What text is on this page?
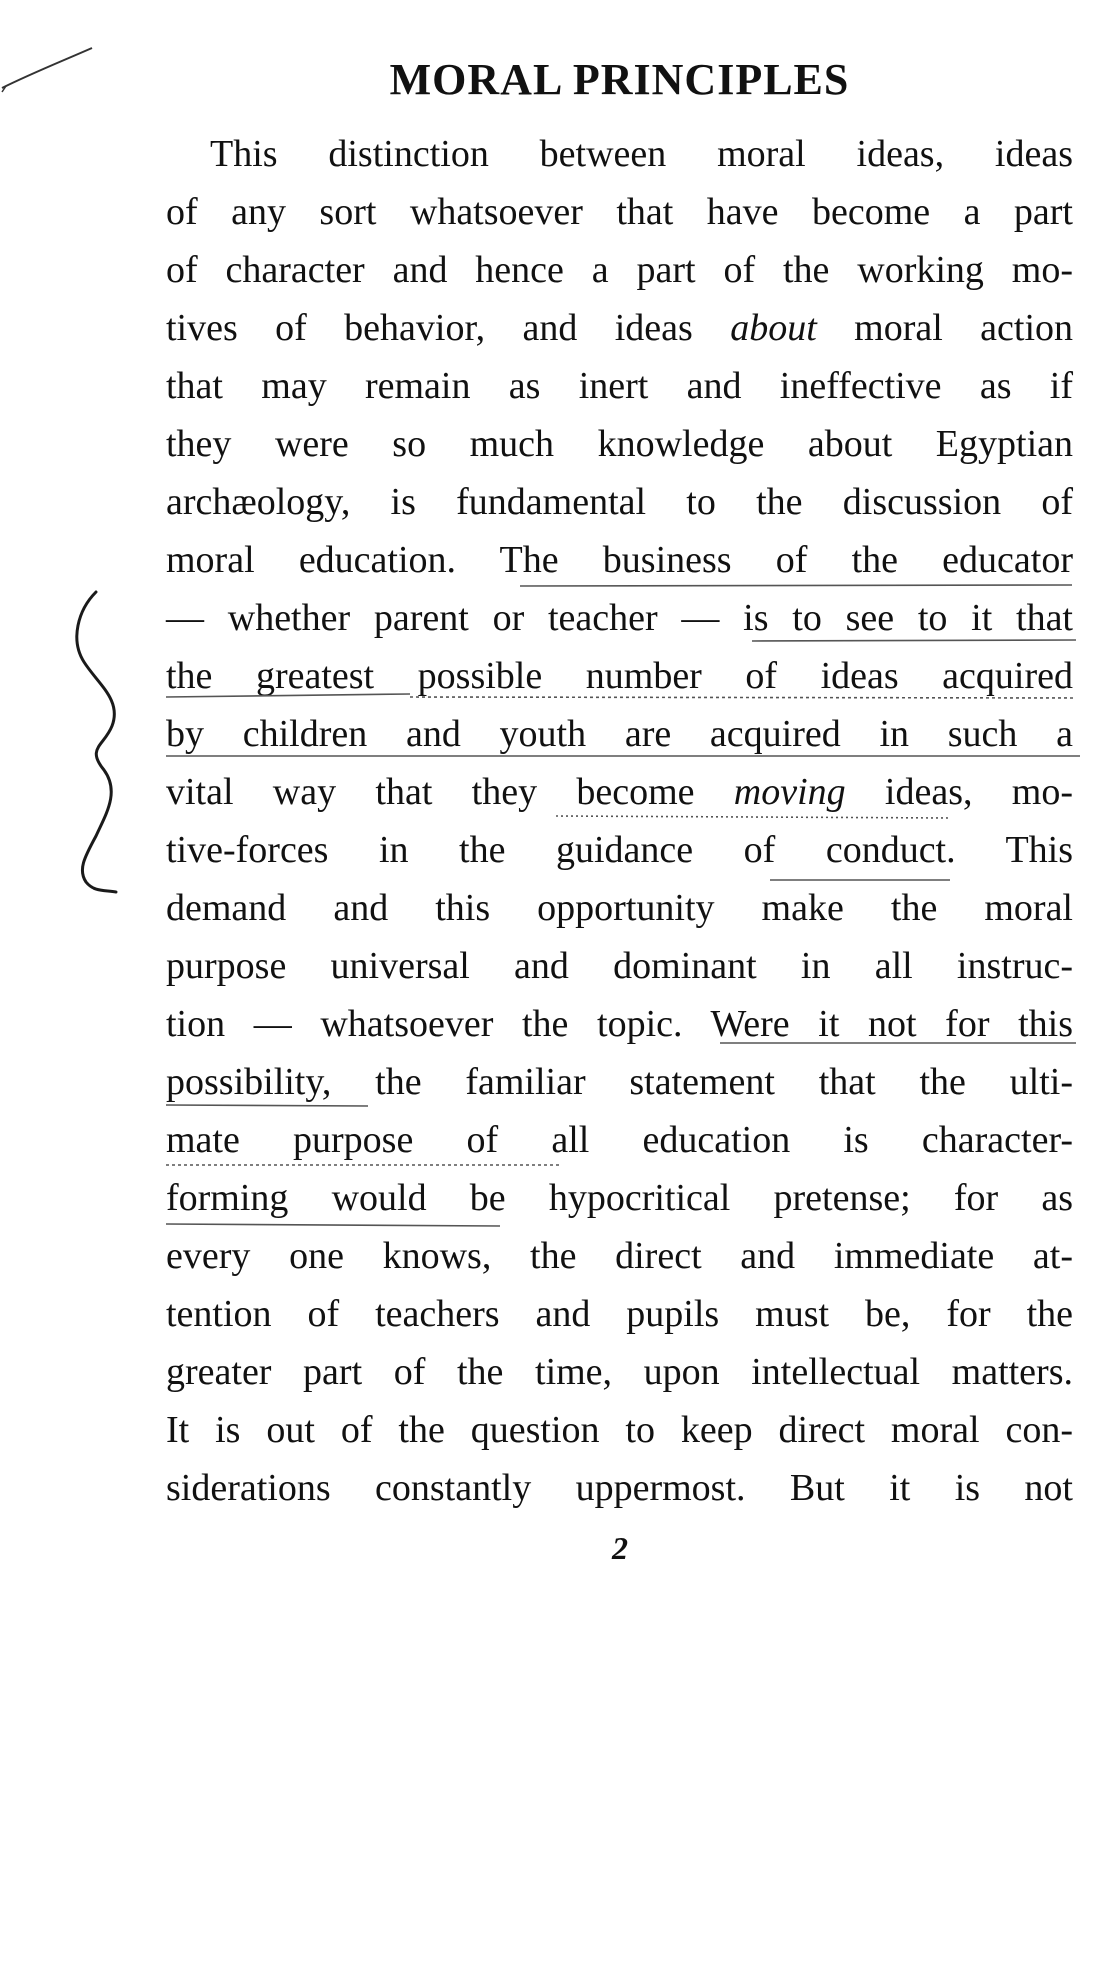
MORAL PRINCIPLES
This distinction between moral ideas, ideas
of any sort whatsoever that have become a part
of character and hence a part of the working mo-
tives of behavior, and ideas about moral action
that may remain as inert and ineffective as if
they were so much knowledge about Egyptian
archæology, is fundamental to the discussion of
moral education. The business of the educator
— whether parent or teacher — is to see to it that
the greatest possible number of ideas acquired
by children and youth are acquired in such a
vital way that they become moving ideas, mo-
tive-forces in the guidance of conduct. This
demand and this opportunity make the moral
purpose universal and dominant in all instruc-
tion — whatsoever the topic. Were it not for this
possibility, the familiar statement that the ulti-
mate purpose of all education is character-
forming would be hypocritical pretense; for as
every one knows, the direct and immediate at-
tention of teachers and pupils must be, for the
greater part of the time, upon intellectual matters.
It is out of the question to keep direct moral con-
siderations constantly uppermost. But it is not
2
